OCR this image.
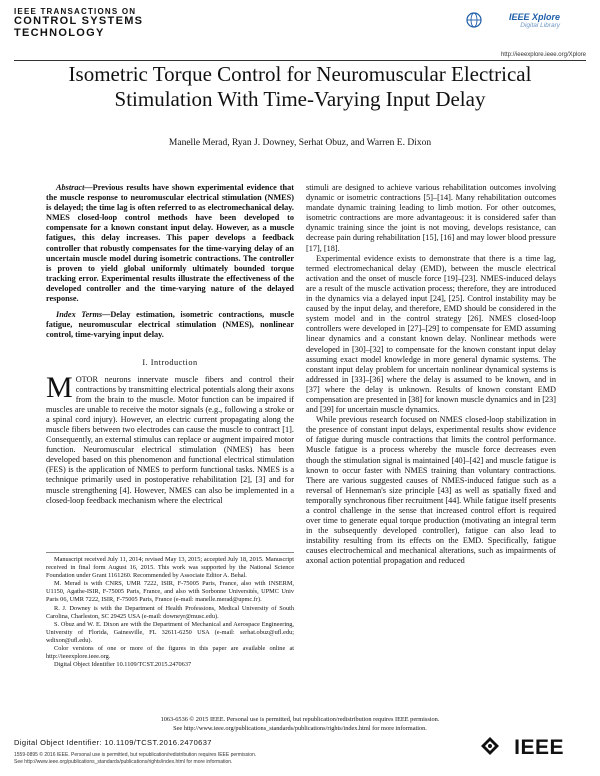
IEEE TRANSACTIONS ON
CONTROL SYSTEMS
TECHNOLOGY
IEEE Xplore
Digital Library
http://ieeexplore.ieee.org/Xplore
Isometric Torque Control for Neuromuscular Electrical Stimulation With Time-Varying Input Delay
Manelle Merad, Ryan J. Downey, Serhat Obuz, and Warren E. Dixon

Abstract—Previous results have shown experimental evidence that the muscle response to neuromuscular electrical stimulation (NMES) is delayed; the time lag is often referred to as electromechanical delay. NMES closed-loop control methods have been developed to compensate for a known constant input delay. However, as a muscle fatigues, this delay increases. This paper develops a feedback controller that robustly compensates for the time-varying delay of an uncertain muscle model during isometric contractions. The controller is proven to yield global uniformly ultimately bounded torque tracking error. Experimental results illustrate the effectiveness of the developed controller and the time-varying nature of the delayed response.

Index Terms—Delay estimation, isometric contractions, muscle fatigue, neuromuscular electrical stimulation (NMES), nonlinear control, time-varying input delay.

I. Introduction

MOTOR neurons innervate muscle fibers and control their contractions by transmitting electrical potentials along their axons from the brain to the muscle. Motor function can be impaired if muscles are unable to receive the motor signals (e.g., following a stroke or a spinal cord injury). However, an electric current propagating along the muscle fibers between two electrodes can cause the muscle to contract [1]. Consequently, an external stimulus can replace or augment impaired motor function. Neuromuscular electrical stimulation (NMES) has been developed based on this phenomenon and functional electrical stimulation (FES) is the application of NMES to perform functional tasks. NMES is a technique primarily used in postoperative rehabilitation [2], [3] and for muscle strengthening [4]. However, NMES can also be implemented in a closed-loop feedback mechanism where the electrical

Manuscript received July 11, 2014; revised May 13, 2015; accepted July 18, 2015. Manuscript received in final form August 16, 2015. This work was supported by the National Science Foundation under Grant 1161260. Recommended by Associate Editor A. Behal.

M. Merad is with CNRS, UMR 7222, ISIR, F-75005 Paris, France, also with INSERM, U1150, Agathe-ISIR, F-75005 Paris, France, and also with Sorbonne Universités, UPMC Univ Paris 06, UMR 7222, ISIR, F-75005 Paris, France (e-mail: manelle.merad@upmc.fr).

R. J. Downey is with the Department of Health Professions, Medical University of South Carolina, Charleston, SC 29425 USA (e-mail: downeyr@musc.edu).

S. Obuz and W. E. Dixon are with the Department of Mechanical and Aerospace Engineering, University of Florida, Gainesville, FL 32611-6250 USA (e-mail: serhat.obuz@ufl.edu; wdixon@ufl.edu).

Color versions of one or more of the figures in this paper are available online at http://ieeexplore.ieee.org.

Digital Object Identifier 10.1109/TCST.2015.2470637

stimuli are designed to achieve various rehabilitation outcomes involving dynamic or isometric contractions [5]–[14]. Many rehabilitation outcomes mandate dynamic training leading to limb motion. For other outcomes, isometric contractions are more advantageous: it is considered safer than dynamic training since the joint is not moving, develops resistance, can decrease pain during rehabilitation [15], [16] and may lower blood pressure [17], [18].

Experimental evidence exists to demonstrate that there is a time lag, termed electromechanical delay (EMD), between the muscle electrical activation and the onset of muscle force [19]–[23]. NMES-induced delays are a result of the muscle activation process; therefore, they are introduced in the dynamics via a delayed input [24], [25]. Control instability may be caused by the input delay, and therefore, EMD should be considered in the system model and in the control strategy [26]. NMES closed-loop controllers were developed in [27]–[29] to compensate for EMD assuming linear dynamics and a constant known delay. Nonlinear methods were developed in [30]–[32] to compensate for the known constant input delay assuming exact model knowledge in more general dynamic systems. The constant input delay problem for uncertain nonlinear dynamical systems is addressed in [33]–[36] where the delay is assumed to be known, and in [37] where the delay is unknown. Results of known constant EMD compensation are presented in [38] for known muscle dynamics and in [23] and [39] for uncertain muscle dynamics.

While previous research focused on NMES closed-loop stabilization in the presence of constant input delays, experimental results show evidence of fatigue during muscle contractions that limits the control performance. Muscle fatigue is a process whereby the muscle force decreases even though the stimulation signal is maintained [40]–[42] and muscle fatigue is known to occur faster with NMES training than voluntary contractions. There are various suggested causes of NMES-induced fatigue such as a reversal of Henneman's size principle [43] as well as spatially fixed and temporally synchronous fiber recruitment [44]. While fatigue itself presents a control challenge in the sense that increased control effort is required over time to generate equal torque production (motivating an integral term in the subsequently developed controller), fatigue can also lead to instability resulting from its effects on the EMD. Specifically, fatigue causes electrochemical and mechanical alterations, such as impairments of axonal action potential propagation and reduced

1063-6536 © 2015 IEEE. Personal use is permitted, but republication/redistribution requires IEEE permission.
See http://www.ieee.org/publications_standards/publications/rights/index.html for more information.
Digital Object Identifier: 10.1109/TCST.2016.2470637
1559-0895 © 2016 IEEE. Personal use is permitted, but republication/redistribution requires IEEE permission.
See http://www.ieee.org/publications_standards/publications/rights/index.html for more information.
IEEE
